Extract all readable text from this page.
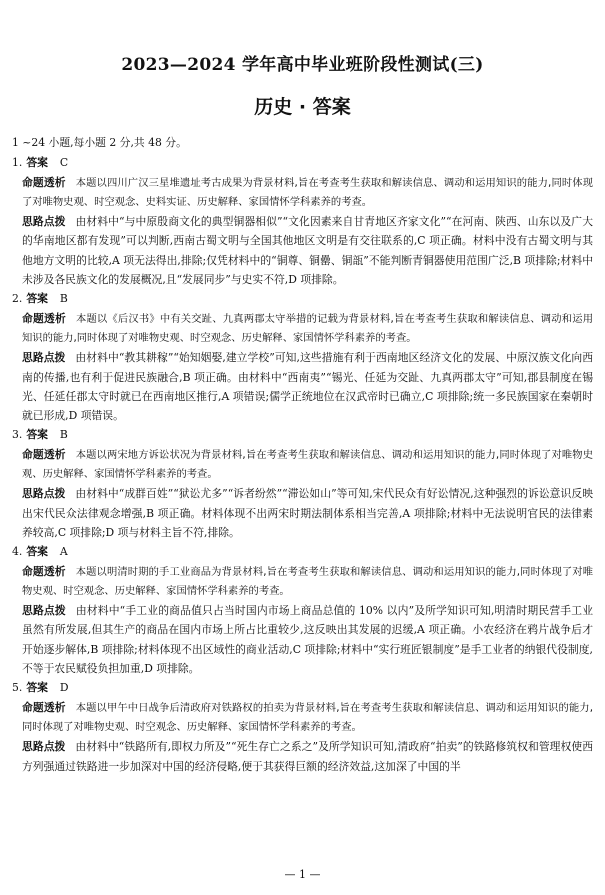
2023—2024 学年高中毕业班阶段性测试(三)
历史 · 答案

1 ~24 小题,每小题 2 分,共 48 分。

1. 答案 C

命题透析 本题以四川广汉三星堆遗址考古成果为背景材料,旨在考查考生获取和解读信息、调动和运用知识的能力,同时体现了对唯物史观、时空观念、史料实证、历史解释、家国情怀学科素养的考查。

思路点拨 由材料中“与中原殷商文化的典型铜器相似”“文化因素来自甘青地区齐家文化”“在河南、陕西、山东以及广大的华南地区都有发现”可以判断,西南古蜀文明与全国其他地区文明是有交往联系的,C 项正确。材料中没有古蜀文明与其他地方文明的比较,A 项无法得出,排除;仅凭材料中的“铜尊、铜罍、铜瓿”不能判断青铜器使用范围广泛,B 项排除;材料中未涉及各民族文化的发展概况,且“发展同步”与史实不符,D 项排除。

2. 答案 B

命题透析 本题以《后汉书》中有关交趾、九真两郡太守举措的记载为背景材料,旨在考查考生获取和解读信息、调动和运用知识的能力,同时体现了对唯物史观、时空观念、历史解释、家国情怀学科素养的考查。

思路点拨 由材料中“教其耕稼”“始知姻娶,建立学校”可知,这些措施有利于西南地区经济文化的发展、中原汉族文化向西南的传播,也有利于促进民族融合,B 项正确。由材料中“西南夷”“锡光、任延为交趾、九真两郡太守”可知,郡县制度在锡光、任延任郡太守时就已在西南地区推行,A 项错误;儒学正统地位在汉武帝时已确立,C 项排除;统一多民族国家在秦朝时就已形成,D 项错误。

3. 答案 B

命题透析 本题以两宋地方诉讼状况为背景材料,旨在考查考生获取和解读信息、调动和运用知识的能力,同时体现了对唯物史观、历史解释、家国情怀学科素养的考查。

思路点拨 由材料中“成群百姓”“狱讼尤多”“诉者纷然”“滞讼如山”等可知,宋代民众有好讼情况,这种强烈的诉讼意识反映出宋代民众法律观念增强,B 项正确。材料体现不出两宋时期法制体系相当完善,A 项排除;材料中无法说明官民的法律素养较高,C 项排除;D 项与材料主旨不符,排除。

4. 答案 A

命题透析 本题以明清时期的手工业商品为背景材料,旨在考查考生获取和解读信息、调动和运用知识的能力,同时体现了对唯物史观、时空观念、历史解释、家国情怀学科素养的考查。

思路点拨 由材料中“手工业的商品值只占当时国内市场上商品总值的 10% 以内”及所学知识可知,明清时期民营手工业虽然有所发展,但其生产的商品在国内市场上所占比重较少,这反映出其发展的迟缓,A 项正确。小农经济在鸦片战争后才开始逐步解体,B 项排除;材料体现不出区域性的商业活动,C 项排除;材料中“实行班匠银制度”是手工业者的纳银代役制度,不等于农民赋役负担加重,D 项排除。

5. 答案 D

命题透析 本题以甲午中日战争后清政府对铁路权的拍卖为背景材料,旨在考查考生获取和解读信息、调动和运用知识的能力,同时体现了对唯物史观、时空观念、历史解释、家国情怀学科素养的考查。

思路点拨 由材料中“铁路所有,即权力所及”“死生存亡之系之”及所学知识可知,清政府“拍卖”的铁路修筑权和管理权使西方列强通过铁路进一步加深对中国的经济侵略,便于其获得巨额的经济效益,这加深了中国的半

— 1 —
